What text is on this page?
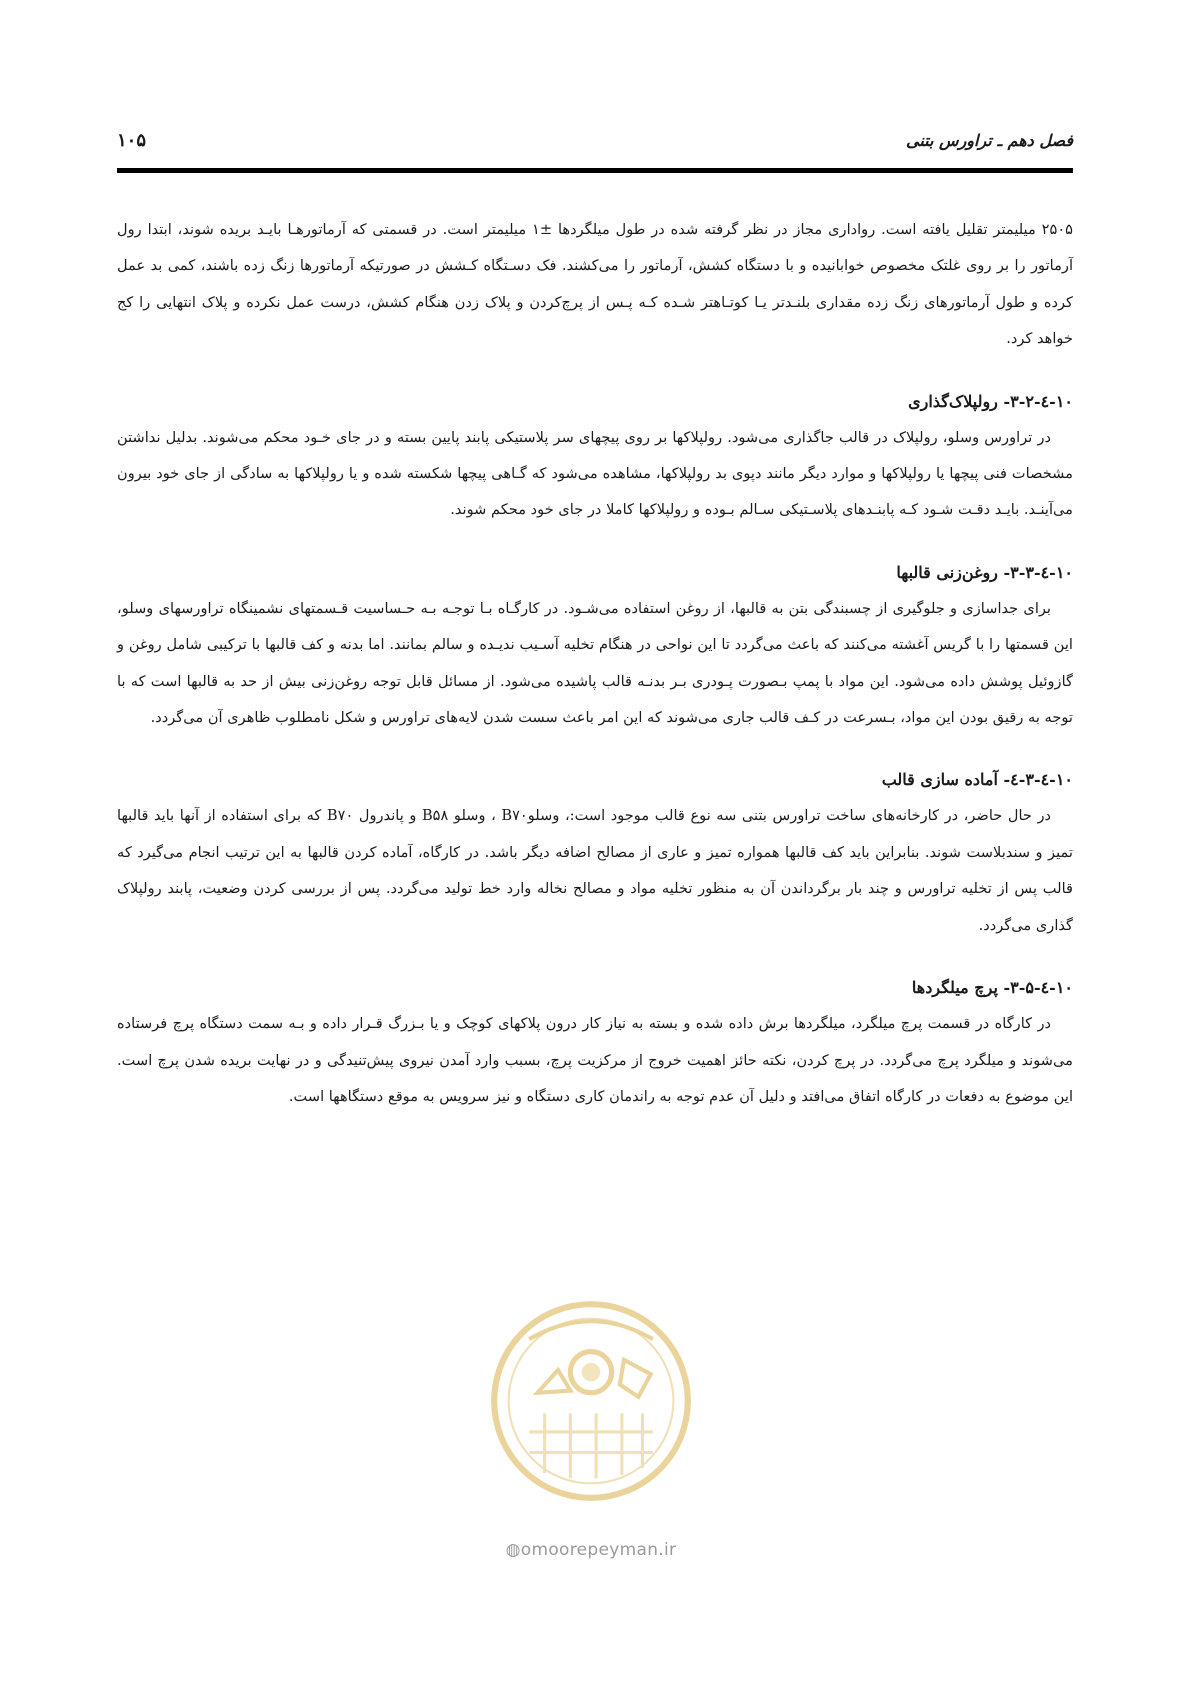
فصل دهم ـ تراورس بتنی
۱۰۵

۲۵۰۵ میلیمتر تقلیل یافته است. رواداری مجاز در نظر گرفته شده در طول میلگردها ±۱ میلیمتر است. در قسمتی که آرماتورهـا بایـد بریده شوند، ابتدا رول آرماتور را بر روی غلتک مخصوص خوابانیده و با دستگاه کشش، آرماتور را می‌کشند. فک دسـتگاه کـشش در صورتیکه آرماتورها زنگ زده باشند، کمی بد عمل کرده و طول آرماتورهای زنگ زده مقداری بلنـدتر یـا کوتـاهتر شـده کـه پـس از پرچ‌کردن و پلاک زدن هنگام کشش، درست عمل نکرده و پلاک انتهایی را کج خواهد کرد.

۱۰-٤-۳-۲- رولپلاک‌گذاری

در تراورس وسلو، رولپلاک در قالب جاگذاری می‌شود. رولپلاکها بر روی پیچهای سر پلاستیکی پابند پایین بسته و در جای خـود محکم می‌شوند. بدلیل نداشتن مشخصات فنی پیچها یا رولپلاکها و موارد دیگر مانند دپوی بد رولپلاکها، مشاهده می‌شود که گـاهی پیچها شکسته شده و یا رولپلاکها به سادگی از جای خود بیرون می‌آینـد. بایـد دقـت شـود کـه پابنـدهای پلاسـتیکی سـالم بـوده و رولپلاکها کاملا در جای خود محکم شوند.

۱۰-٤-۳-۳- روغن‌زنی قالبها

برای جداسازی و جلوگیری از چسبندگی بتن به قالبها، از روغن استفاده می‌شـود. در کارگـاه بـا توجـه بـه حـساسیت قـسمتهای نشمینگاه تراورسهای وسلو، این قسمتها را با گریس آغشته می‌کنند که باعث می‌گردد تا این نواحی در هنگام تخلیه آسـیب ندیـده و سالم بمانند. اما بدنه و کف قالبها با ترکیبی شامل روغن و گازوئیل پوشش داده می‌شود. این مواد با پمپ بـصورت پـودری بـر بدنـه قالب پاشیده می‌شود. از مسائل قابل توجه روغن‌زنی بیش از حد به قالبها است که با توجه به رقیق بودن این مواد، بـسرعت در کـف قالب جاری می‌شوند که این امر باعث سست شدن لایه‌های تراورس و شکل نامطلوب ظاهری آن می‌گردد.

۱۰-٤-۳-٤- آماده سازی قالب

در حال حاضر، در کارخانه‌های ساخت تراورس بتنی سه نوع قالب موجود است:، وسلوB۷۰ ، وسلو B۵۸ و پاندرول B۷۰ که برای استفاده از آنها باید قالبها تمیز و سندبلاست شوند. بنابراین باید کف قالبها همواره تمیز و عاری از مصالح اضافه دیگر باشد. در کارگاه، آماده کردن قالبها به این ترتیب انجام می‌گیرد که قالب پس از تخلیه تراورس و چند بار برگرداندن آن به منظور تخلیه مواد و مصالح نخاله وارد خط تولید می‌گردد. پس از بررسی کردن وضعیت، پابند رولپلاک گذاری می‌گردد.

۱۰-٤-۳-۵- پرچ میلگردها

در کارگاه در قسمت پرچ میلگرد، میلگردها برش داده شده و بسته به نیاز کار درون پلاکهای کوچک و یا بـزرگ قـرار داده و بـه سمت دستگاه پرچ فرستاده می‌شوند و میلگرد پرچ می‌گردد. در پرچ کردن، نکته حائز اهمیت خروج از مرکزیت پرچ، بسبب وارد آمدن نیروی پیش‌تنیدگی و در نهایت بریده شدن پرچ است. این موضوع به دفعات در کارگاه اتفاق می‌افتد و دلیل آن عدم توجه به راندمان کاری دستگاه و نیز سرویس به موقع دستگاهها است.

◍omoorepeyman.ir
